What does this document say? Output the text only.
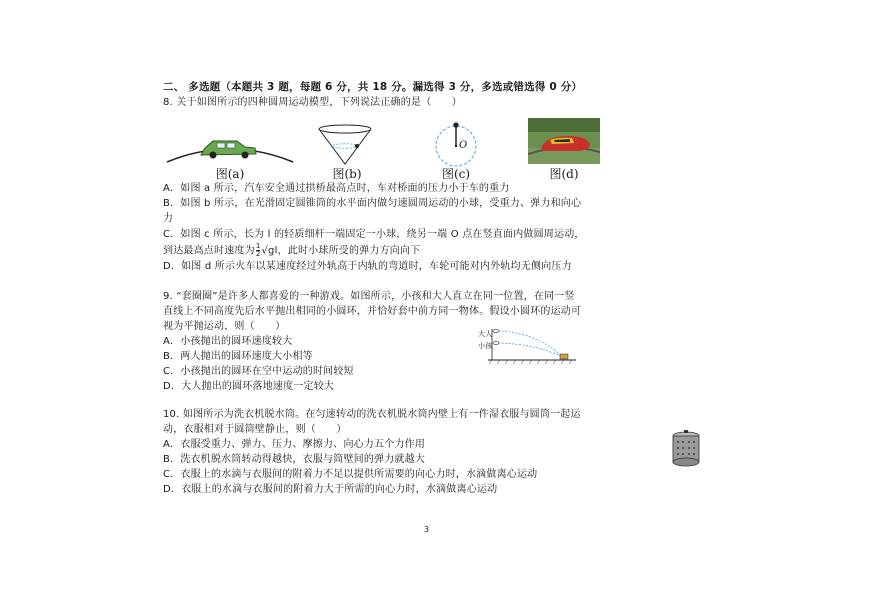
二、 多选题（本题共 3 题，每题 6 分，共 18 分。漏选得 3 分，多选或错选得 0 分）
8. 关于如图所示的四种圆周运动模型，下列说法正确的是（　　）
图(a)	图(b)
O
图(c)	图(d)
A．如图 a 所示，汽车安全通过拱桥最高点时，车对桥面的压力小于车的重力
B．如图 b 所示，在光滑固定圆锥筒的水平面内做匀速圆周运动的小球，受重力、弹力和向心
力
C．如图 c 所示，长为 l 的轻质细杆一端固定一小球，绕另一端 O 点在竖直面内做圆周运动，
到达最高点时速度为 $\frac{1}{2} √gl$，此时小球所受的弹力方向向下
D．如图 d 所示火车以某速度经过外轨高于内轨的弯道时，车轮可能对内外轨均无侧向压力
9. “套圈圈”是许多人都喜爱的一种游戏。如图所示，小孩和大人直立在同一位置，在同一竖
直线上不同高度先后水平抛出相同的小圆环，并恰好套中前方同一物体。假设小圆环的运动可
视为平抛运动，则（　　）
大人
小孩
A．小孩抛出的圆环速度较大
B．两人抛出的圆环速度大小相等
C．小孩抛出的圆环在空中运动的时间较短
D．大人抛出的圆环落地速度一定较大
10. 如图所示为洗衣机脱水筒。在匀速转动的洗衣机脱水筒内壁上有一件湿衣服与圆筒一起运
动，衣服相对于圆筒壁静止，则（　　）
A．衣服受重力、弹力、压力、摩擦力、向心力五个力作用
B．洗衣机脱水筒转动得越快，衣服与筒壁间的弹力就越大
C．衣服上的水滴与衣服间的附着力不足以提供所需要的向心力时，水滴做离心运动
D．衣服上的水滴与衣服间的附着力大于所需的向心力时，水滴做离心运动
3
